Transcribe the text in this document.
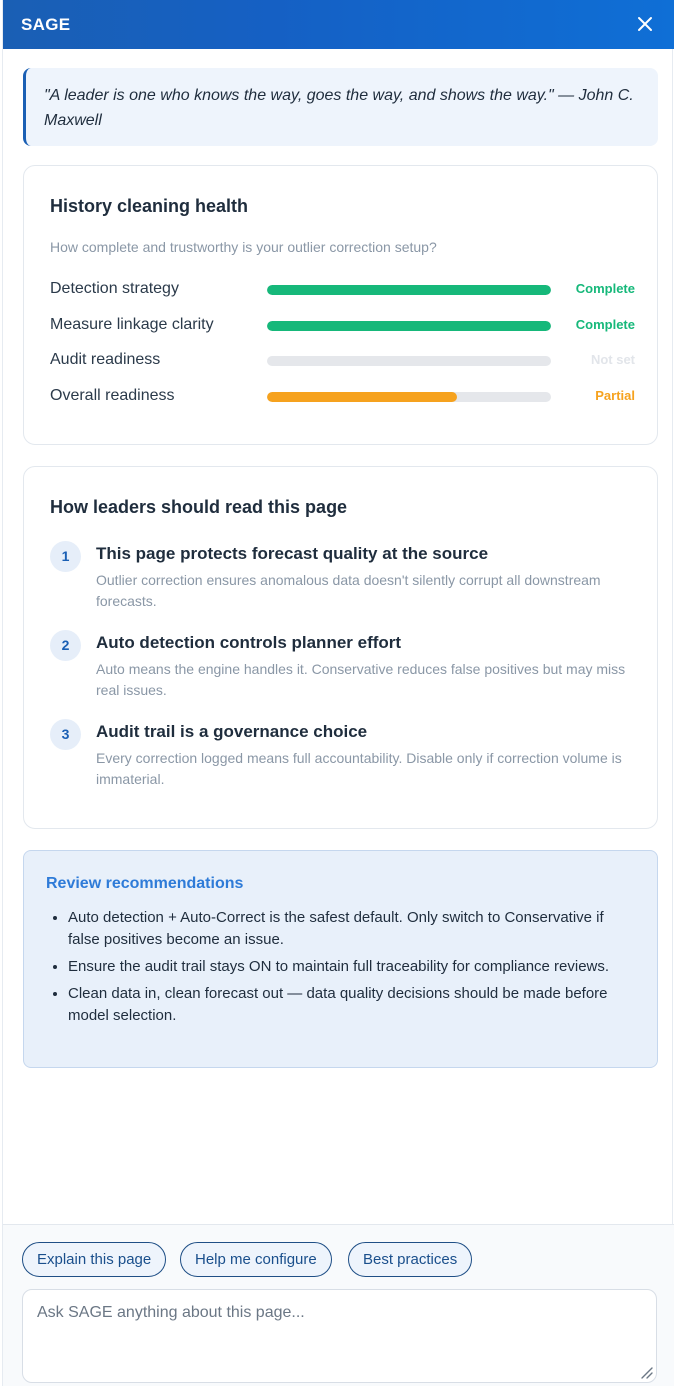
SAGE
"A leader is one who knows the way, goes the way, and shows the way." — John C. Maxwell
History cleaning health
How complete and trustworthy is your outlier correction setup?
Detection strategy	Complete
Measure linkage clarity	Complete
Audit readiness	Not set
Overall readiness	Partial
How leaders should read this page
1	This page protects forecast quality at the source
Outlier correction ensures anomalous data doesn't silently corrupt all downstream forecasts.
2	Auto detection controls planner effort
Auto means the engine handles it. Conservative reduces false positives but may miss real issues.
3	Audit trail is a governance choice
Every correction logged means full accountability. Disable only if correction volume is immaterial.
Review recommendations
• Auto detection + Auto-Correct is the safest default. Only switch to Conservative if false positives become an issue.
• Ensure the audit trail stays ON to maintain full traceability for compliance reviews.
• Clean data in, clean forecast out — data quality decisions should be made before model selection.
Explain this page	Help me configure	Best practices
Ask SAGE anything about this page...
